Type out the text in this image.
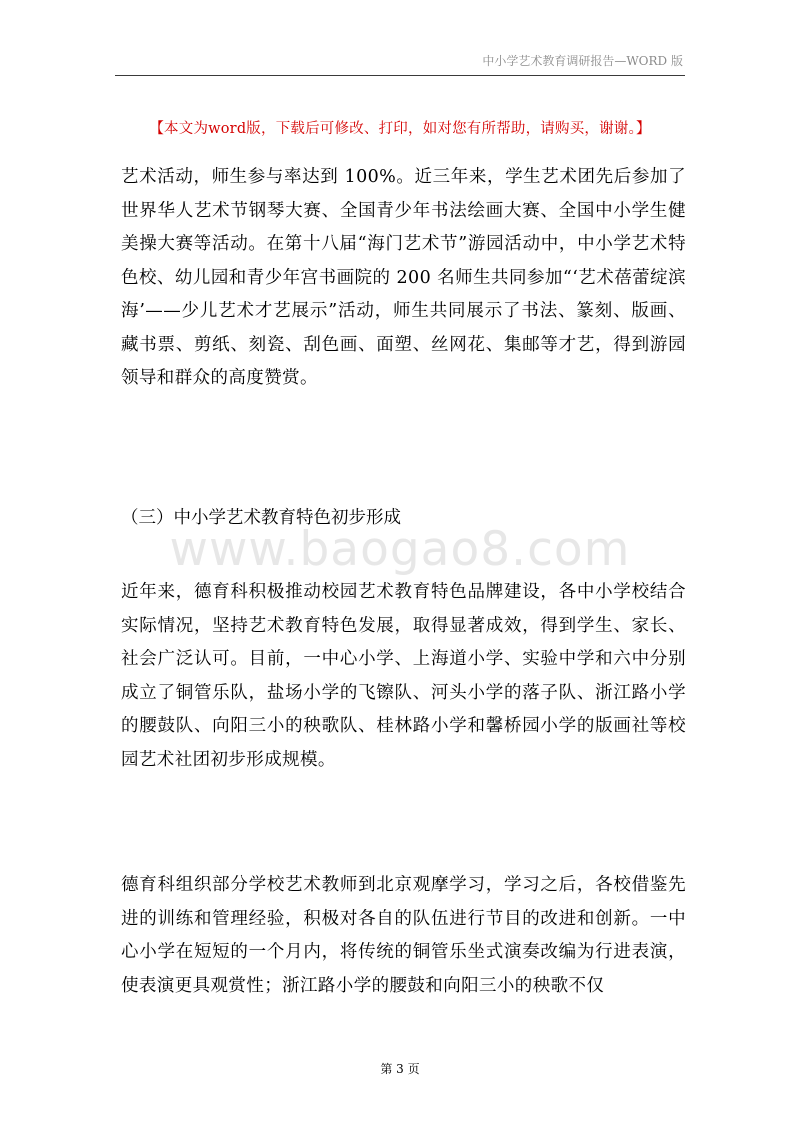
中小学艺术教育调研报告—WORD 版
【本文为word版，下载后可修改、打印，如对您有所帮助，请购买，谢谢。】

艺术活动，师生参与率达到 100%。近三年来，学生艺术团先后参加了世界华人艺术节钢琴大赛、全国青少年书法绘画大赛、全国中小学生健美操大赛等活动。在第十八届“海门艺术节”游园活动中，中小学艺术特色校、幼儿园和青少年宫书画院的 200 名师生共同参加“‘艺术蓓蕾绽滨海’——少儿艺术才艺展示”活动，师生共同展示了书法、篆刻、版画、藏书票、剪纸、刻瓷、刮色画、面塑、丝网花、集邮等才艺，得到游园领导和群众的高度赞赏。

（三）中小学艺术教育特色初步形成
www.baogao8.com

近年来，德育科积极推动校园艺术教育特色品牌建设，各中小学校结合实际情况，坚持艺术教育特色发展，取得显著成效，得到学生、家长、社会广泛认可。目前，一中心小学、上海道小学、实验中学和六中分别成立了铜管乐队，盐场小学的飞镲队、河头小学的落子队、浙江路小学的腰鼓队、向阳三小的秧歌队、桂林路小学和馨桥园小学的版画社等校园艺术社团初步形成规模。

德育科组织部分学校艺术教师到北京观摩学习，学习之后，各校借鉴先进的训练和管理经验，积极对各自的队伍进行节目的改进和创新。一中心小学在短短的一个月内，将传统的铜管乐坐式演奏改编为行进表演，使表演更具观赏性；浙江路小学的腰鼓和向阳三小的秧歌不仅

第 3 页
